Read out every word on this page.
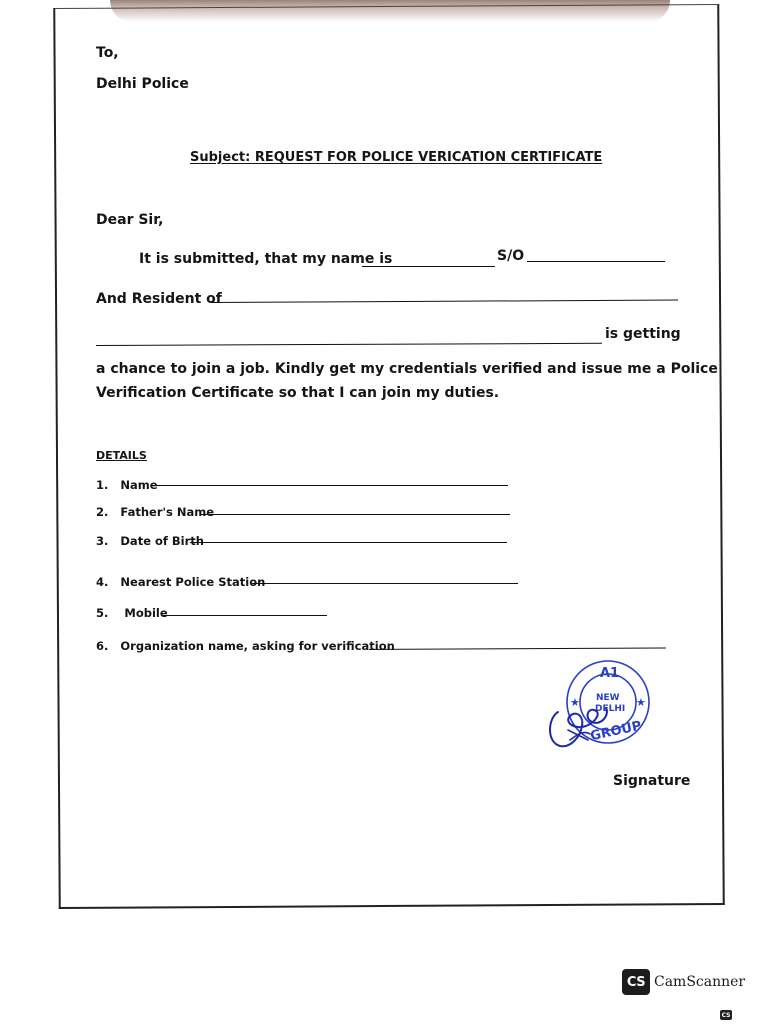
To,
Delhi Police
Subject: REQUEST FOR POLICE VERICATION CERTIFICATE
Dear Sir,
It is submitted, that my name is	S/O
And Resident of
is getting
a chance to join a job. Kindly get my credentials verified and issue me a Police
Verification Certificate so that I can join my duties.
DETAILS
1. Name
2. Father's Name
3. Date of Birth
4. Nearest Police Station
5. Mobile
6. Organization name, asking for verification
A1
NEW
DELHI
GROUP
★	★
Signature
CS CamScanner
CS
